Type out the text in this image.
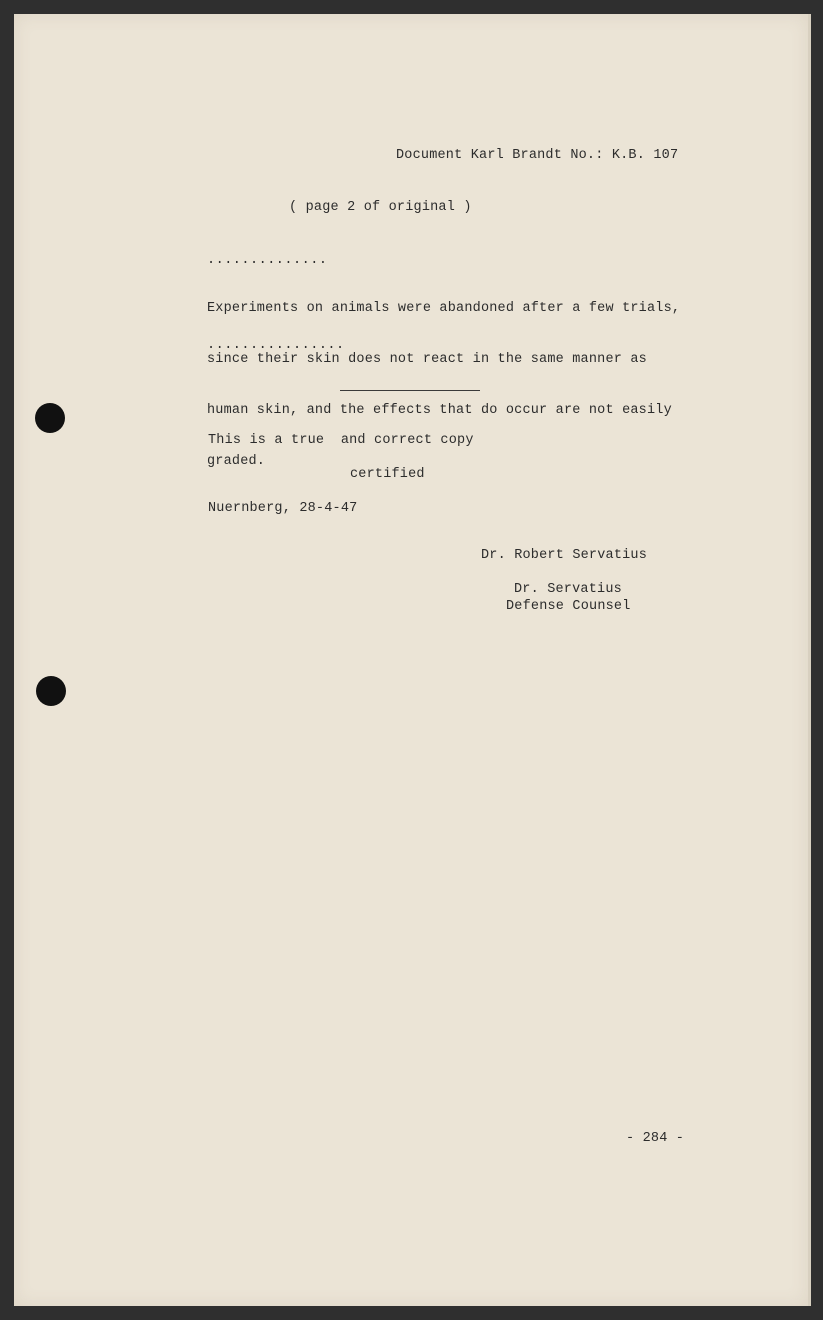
Document Karl Brandt No.: K.B. 107

( page 2 of original )

..............

Experiments on animals were abandoned after a few trials,

since their skin does not react in the same manner as

human skin, and the effects that do occur are not easily

graded.

................

This is a true  and correct copy

certified

Nuernberg, 28-4-47

Dr. Robert Servatius

Dr. Servatius

Defense Counsel

- 284 -
